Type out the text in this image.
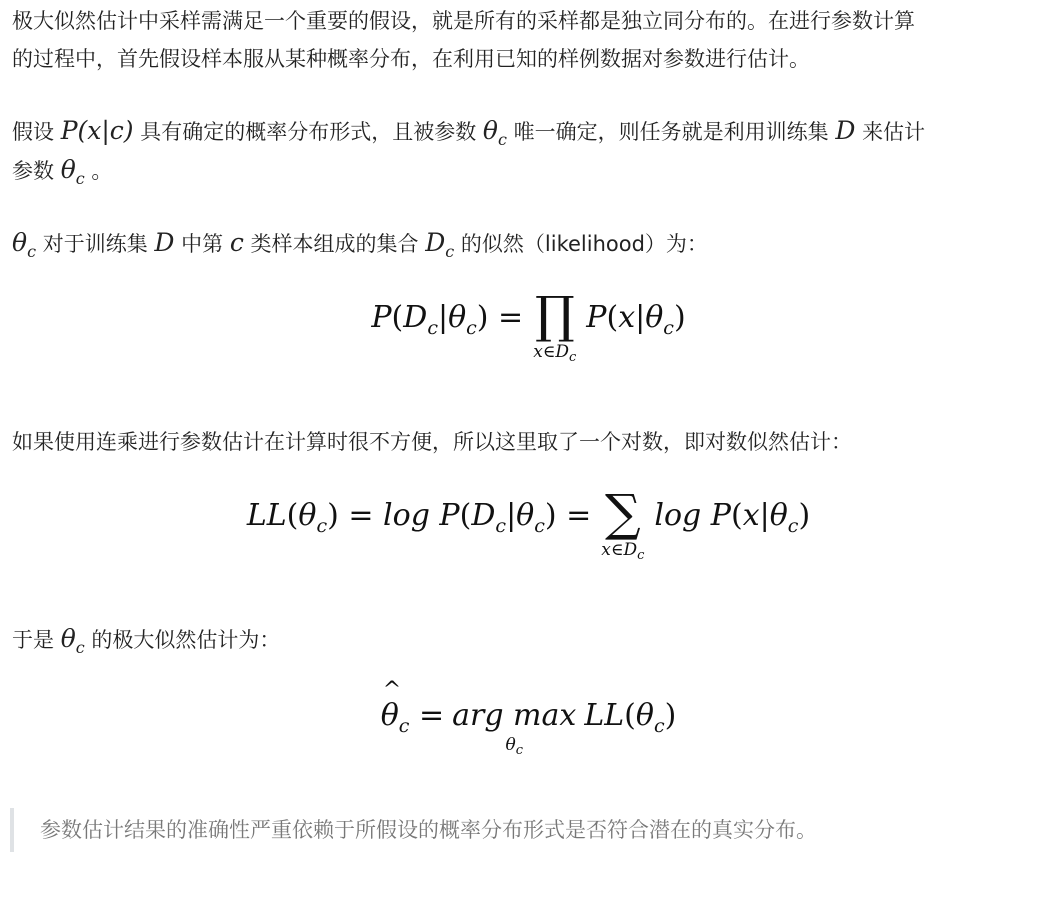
极大似然估计中采样需满足一个重要的假设，就是所有的采样都是独立同分布的。在进行参数计算
的过程中，首先假设样本服从某种概率分布，在利用已知的样例数据对参数进行估计。
假设 P(x|c) 具有确定的概率分布形式，且被参数 $\theta_c$ 唯一确定，则任务就是利用训练集 D 来估计
参数 $\theta_c$ 。
$\theta_c$ 对于训练集 D 中第 c 类样本组成的集合 $D_c$ 的似然（likelihood）为：
$P(D_c|\theta_c)$ = ∏
$x\in D_c$
$P(x|\theta_c)$
如果使用连乘进行参数估计在计算时很不方便，所以这里取了一个对数，即对数似然估计：
$LL(\theta_c) = \log P(D_c|\theta_c)$ = ∑
$x\in D_c$
$\log P(x|\theta_c)$
于是 $\theta_c$ 的极大似然估计为：
^ $\theta_c$ = arg max
$\theta_c$
$LL(\theta_c)$
参数估计结果的准确性严重依赖于所假设的概率分布形式是否符合潜在的真实分布。
